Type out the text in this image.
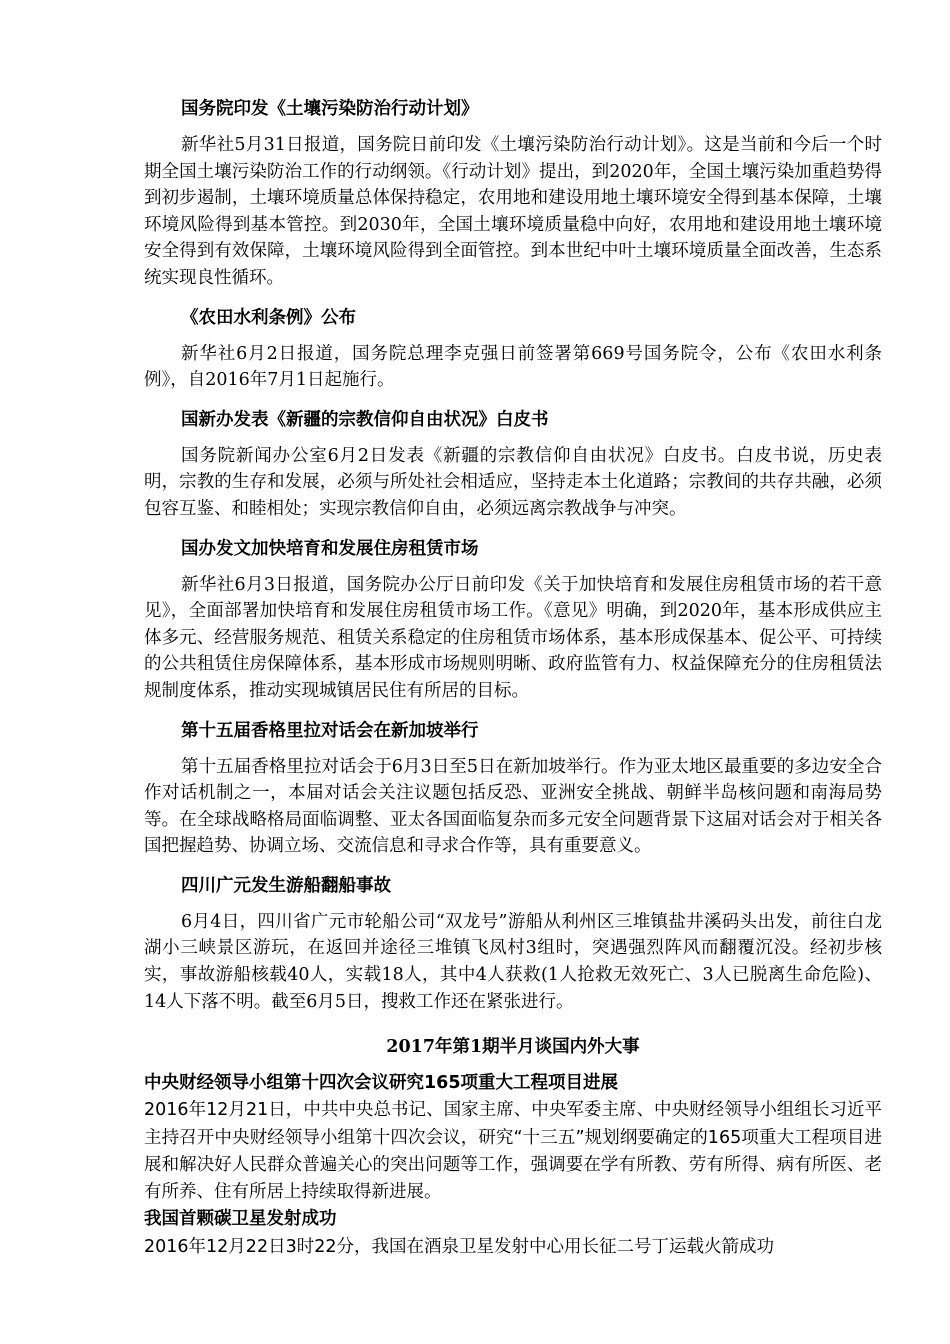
国务院印发《土壤污染防治行动计划》

新华社5月31日报道，国务院日前印发《土壤污染防治行动计划》。这是当前和今后一个时期全国土壤污染防治工作的行动纲领。《行动计划》提出，到2020年，全国土壤污染加重趋势得到初步遏制，土壤环境质量总体保持稳定，农用地和建设用地土壤环境安全得到基本保障，土壤环境风险得到基本管控。到2030年，全国土壤环境质量稳中向好，农用地和建设用地土壤环境安全得到有效保障，土壤环境风险得到全面管控。到本世纪中叶土壤环境质量全面改善，生态系统实现良性循环。

《农田水利条例》公布

新华社6月2日报道，国务院总理李克强日前签署第669号国务院令，公布《农田水利条例》，自2016年7月1日起施行。

国新办发表《新疆的宗教信仰自由状况》白皮书

国务院新闻办公室6月2日发表《新疆的宗教信仰自由状况》白皮书。白皮书说，历史表明，宗教的生存和发展，必须与所处社会相适应，坚持走本土化道路；宗教间的共存共融，必须包容互鉴、和睦相处；实现宗教信仰自由，必须远离宗教战争与冲突。

国办发文加快培育和发展住房租赁市场

新华社6月3日报道，国务院办公厅日前印发《关于加快培育和发展住房租赁市场的若干意见》，全面部署加快培育和发展住房租赁市场工作。《意见》明确，到2020年，基本形成供应主体多元、经营服务规范、租赁关系稳定的住房租赁市场体系，基本形成保基本、促公平、可持续的公共租赁住房保障体系，基本形成市场规则明晰、政府监管有力、权益保障充分的住房租赁法规制度体系，推动实现城镇居民住有所居的目标。

第十五届香格里拉对话会在新加坡举行

第十五届香格里拉对话会于6月3日至5日在新加坡举行。作为亚太地区最重要的多边安全合作对话机制之一，本届对话会关注议题包括反恐、亚洲安全挑战、朝鲜半岛核问题和南海局势等。在全球战略格局面临调整、亚太各国面临复杂而多元安全问题背景下这届对话会对于相关各国把握趋势、协调立场、交流信息和寻求合作等，具有重要意义。

四川广元发生游船翻船事故

6月4日，四川省广元市轮船公司“双龙号”游船从利州区三堆镇盐井溪码头出发，前往白龙湖小三峡景区游玩，在返回并途径三堆镇飞凤村3组时，突遇强烈阵风而翻覆沉没。经初步核实，事故游船核载40人，实载18人，其中4人获救(1人抢救无效死亡、3人已脱离生命危险)、14人下落不明。截至6月5日，搜救工作还在紧张进行。

2017年第1期半月谈国内外大事

中央财经领导小组第十四次会议研究165项重大工程项目进展

2016年12月21日，中共中央总书记、国家主席、中央军委主席、中央财经领导小组组长习近平主持召开中央财经领导小组第十四次会议，研究“十三五”规划纲要确定的165项重大工程项目进展和解决好人民群众普遍关心的突出问题等工作，强调要在学有所教、劳有所得、病有所医、老有所养、住有所居上持续取得新进展。

我国首颗碳卫星发射成功

2016年12月22日3时22分，我国在酒泉卫星发射中心用长征二号丁运载火箭成功
